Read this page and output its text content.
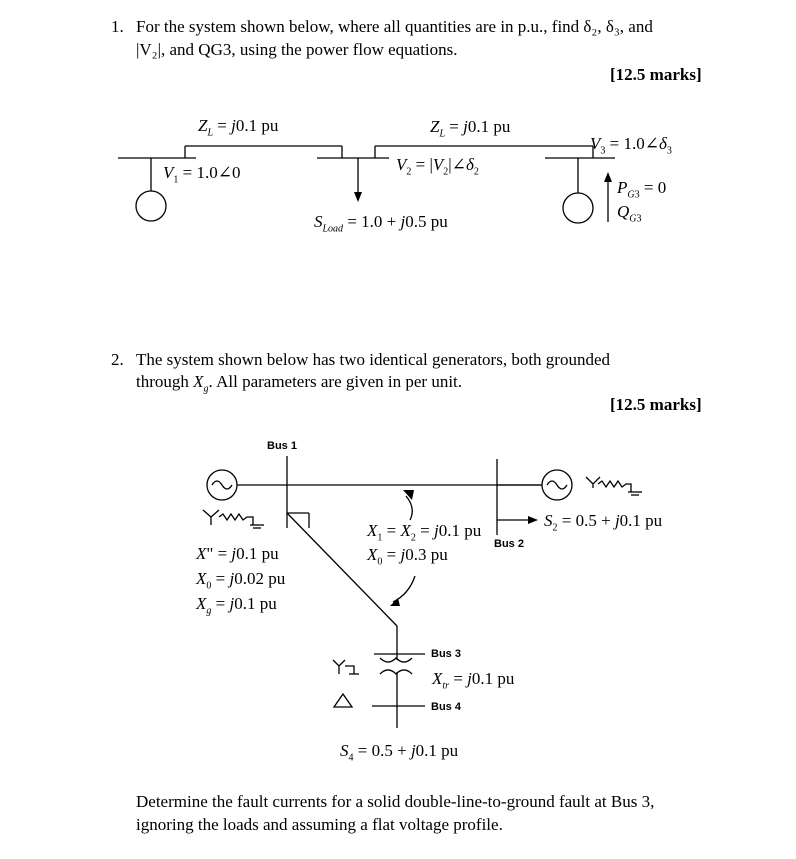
1. For the system shown below, where all quantities are in p.u., find δ₂, δ₃, and
|V₂|, and QG3, using the power flow equations.
[12.5 marks]
$Z_L = j0.1$ pu	$Z_L = j0.1$ pu
$V_1$ = 1.0∠0	$V_2$ = $|V_2|\angle\delta_2$
$V_3$ = $1.0\angle\delta_3$
$P_{G3} = 0$
$Q_{G3}$
$S_{Load} = 1.0 + j0.5$ pu
2. The system shown below has two identical generators, both grounded
through $X_g$. All parameters are given in per unit.
[12.5 marks]
Bus 1
Bus 2
Bus 3
Bus 4
$X_1 = X_2 = j0.1$ pu
$X_0 = j0.3$ pu
X" = j0.1 pu
$X_0 = j0.02$ pu
$X_g = j0.1$ pu
$S_2 = 0.5 + j0.1$ pu
$X_{tr} = j0.1$ pu
$S_4 = 0.5 + j0.1$ pu
Determine the fault currents for a solid double-line-to-ground fault at Bus 3,
ignoring the loads and assuming a flat voltage profile.
